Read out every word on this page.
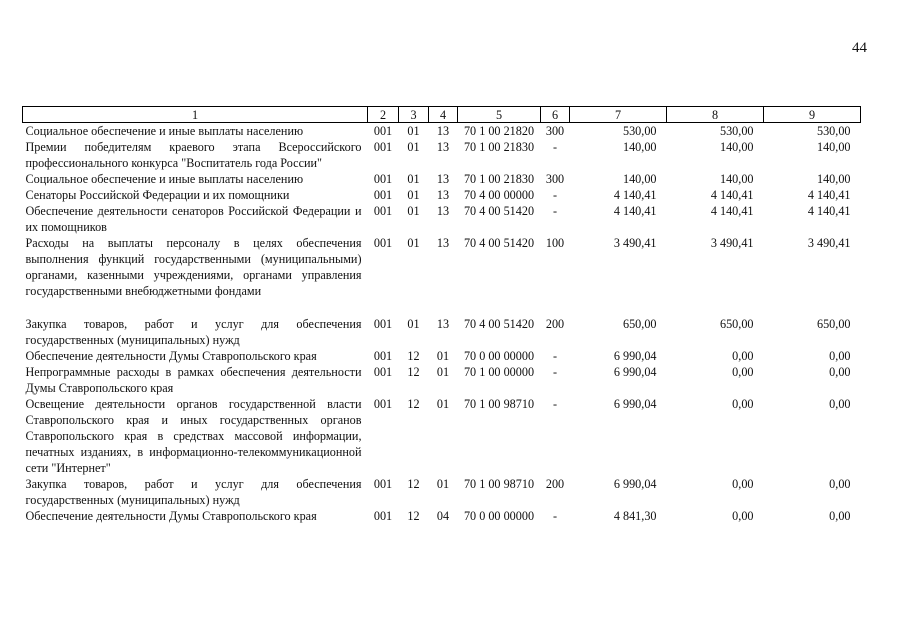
44
1	2	3	4	5	6	7	8	9
Социальное обеспечение и иные выплаты населению	001	01	13	70 1 00 21820	300	530,00	530,00	530,00
Премии победителям краевого этапа Всероссийского профессионального конкурса "Воспитатель года России"	001	01	13	70 1 00 21830	-	140,00	140,00	140,00
Социальное обеспечение и иные выплаты населению	001	01	13	70 1 00 21830	300	140,00	140,00	140,00
Сенаторы Российской Федерации и их помощники	001	01	13	70 4 00 00000	-	4 140,41	4 140,41	4 140,41
Обеспечение деятельности сенаторов Российской Федерации и их помощников	001	01	13	70 4 00 51420	-	4 140,41	4 140,41	4 140,41
Расходы на выплаты персоналу в целях обеспечения выполнения функций государственными (муниципальными) органами, казенными учреждениями, органами управления государственными внебюджетными фондами	001	01	13	70 4 00 51420	100	3 490,41	3 490,41	3 490,41
Закупка товаров, работ и услуг для обеспечения государственных (муниципальных) нужд	001	01	13	70 4 00 51420	200	650,00	650,00	650,00
Обеспечение деятельности Думы Ставропольского края	001	12	01	70 0 00 00000	-	6 990,04	0,00	0,00
Непрограммные расходы в рамках обеспечения деятельности Думы Ставропольского края	001	12	01	70 1 00 00000	-	6 990,04	0,00	0,00
Освещение деятельности органов государственной власти Ставропольского края и иных государственных органов Ставропольского края в средствах массовой информации, печатных изданиях, в информационно-телекоммуникационной сети "Интернет"	001	12	01	70 1 00 98710	-	6 990,04	0,00	0,00
Закупка товаров, работ и услуг для обеспечения государственных (муниципальных) нужд	001	12	01	70 1 00 98710	200	6 990,04	0,00	0,00
Обеспечение деятельности Думы Ставропольского края	001	12	04	70 0 00 00000	-	4 841,30	0,00	0,00
